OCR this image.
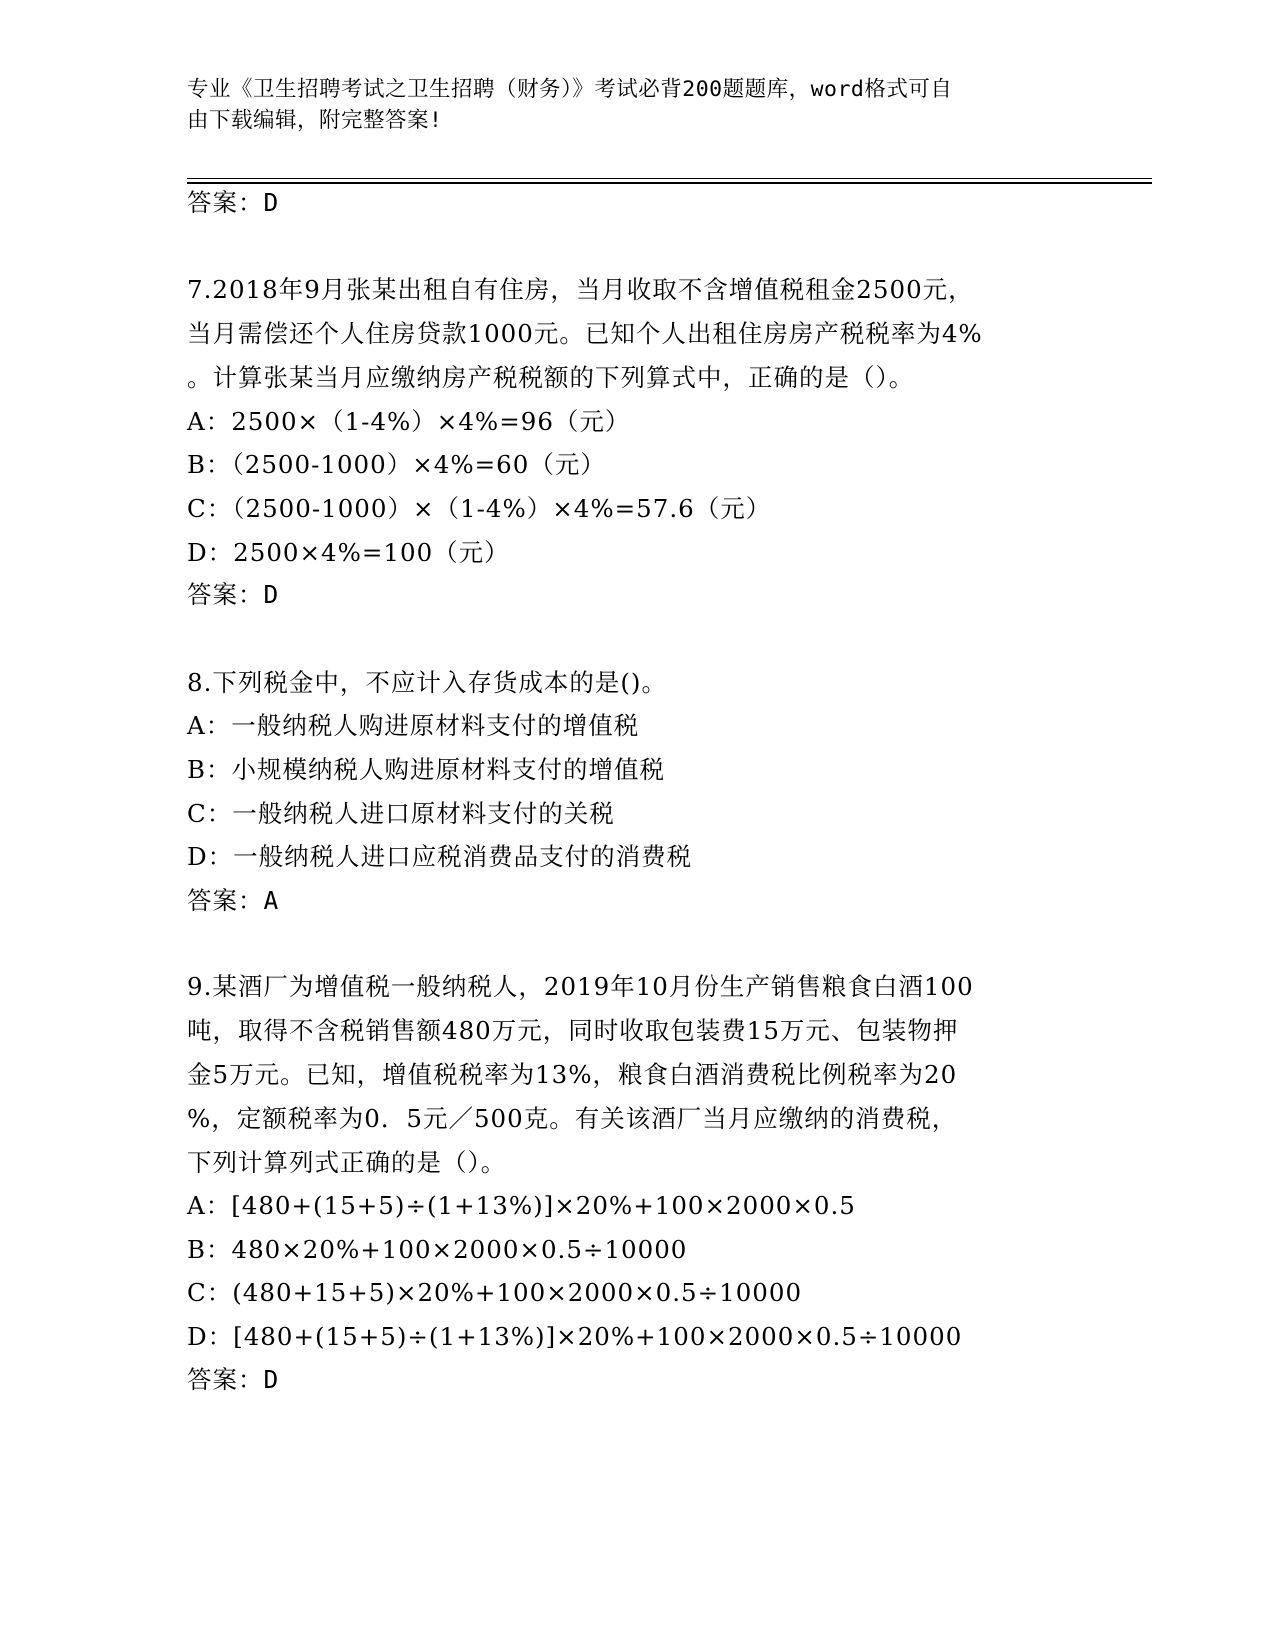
专业《卫生招聘考试之卫生招聘（财务）》考试必背200题题库，word格式可自
由下载编辑，附完整答案!
答案：D
7.2018年9月张某出租自有住房，当月收取不含增值税租金2500元，
当月需偿还个人住房贷款1000元。已知个人出租住房房产税税率为4%
。计算张某当月应缴纳房产税税额的下列算式中，正确的是（）。
A：2500×（1-4%）×4%=96（元）
B：（2500-1000）×4%=60（元）
C：（2500-1000）×（1-4%）×4%=57.6（元）
D：2500×4%=100（元）
答案：D
8.下列税金中，不应计入存货成本的是()。
A：一般纳税人购进原材料支付的增值税
B：小规模纳税人购进原材料支付的增值税
C：一般纳税人进口原材料支付的关税
D：一般纳税人进口应税消费品支付的消费税
答案：A
9.某酒厂为增值税一般纳税人，2019年10月份生产销售粮食白酒100
吨，取得不含税销售额480万元，同时收取包装费15万元、包装物押
金5万元。已知，增值税税率为13%，粮食白酒消费税比例税率为20
%，定额税率为0．5元／500克。有关该酒厂当月应缴纳的消费税，
下列计算列式正确的是（）。
A：[480+(15+5)÷(1+13%)]×20%+100×2000×0.5
B：480×20%+100×2000×0.5÷10000
C：(480+15+5)×20%+100×2000×0.5÷10000
D：[480+(15+5)÷(1+13%)]×20%+100×2000×0.5÷10000
答案：D
